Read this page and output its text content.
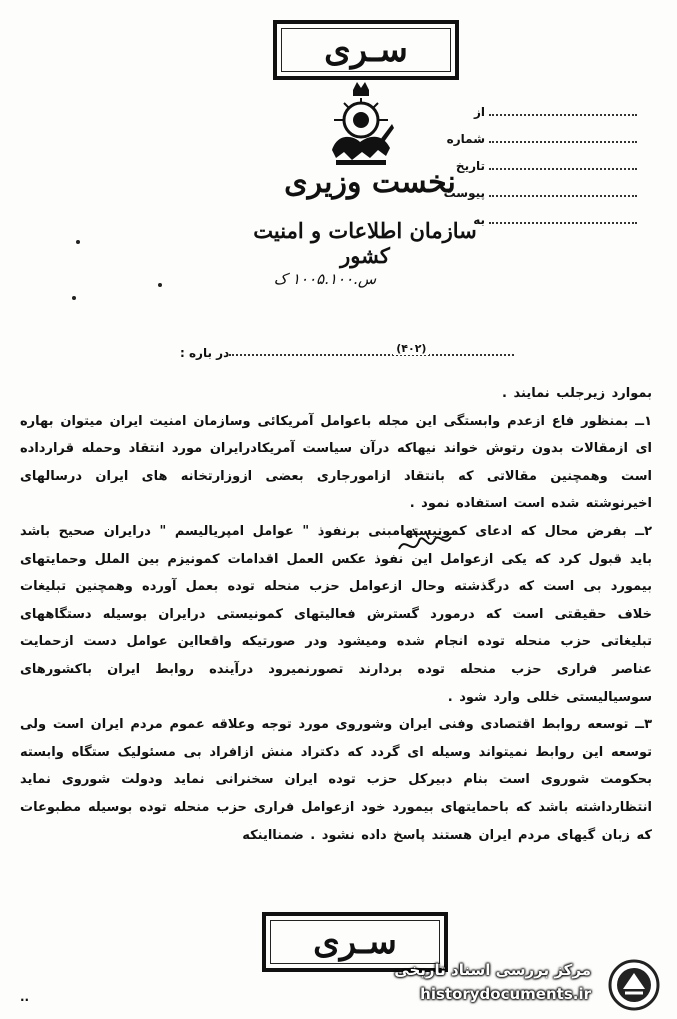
سـری
نخست وزیری
سازمان اطلاعات و امنیت کشور
س.۱۰۰۵.۱۰۰ ک
از
شماره
تاریخ
پیوست
به
در باره :	(۴۰۲)

بموارد زیرجلب نمایند .

۱ــ بمنظور فاع ازعدم وابستگی این مجله باعوامل آمریکائی وسازمان امنیت ایران میتوان بهاره ای ازمقالات بدون رتوش خواند نیهاکه درآن سیاست آمریکادرایران مورد انتقاد وحمله قرارداده است وهمچنین مقالاتی که بانتقاد ازامورجاری بعضی ازوزارتخانه های ایران درسالهای اخیرنوشته شده است استفاده نمود .

۲ــ بفرض محال که ادعای کمونیستهامبنی برنفوذ " عوامل امپریالیسم " درایران صحیح باشد باید قبول کرد که یکی ازعوامل این نفوذ عکس العمل اقدامات کمونیزم بین الملل وحمایتهای بیمورد بی است که درگذشته وحال ازعوامل حزب منحله توده بعمل آورده وهمچنین تبلیغات خلاف حقیقتی است که درمورد گسترش فعالیتهای کمونیستی درایران بوسیله دستگاههای تبلیغاتی حزب منحله توده انجام شده ومیشود ودر صورتیکه واقعااین عوامل دست ازحمایت عناصر فراری حزب منحله توده بردارند تصورنمیرود درآینده روابط ایران باکشورهای سوسیالیستی خللی وارد شود .

۳ــ توسعه روابط اقتصادی وفنی ایران وشوروی مورد توجه وعلاقه عموم مردم ایران است ولی توسعه این روابط نمیتواند وسیله ای گردد که دکتراد منش ازافراد بی مسئولیک ستگاه وابسته بحکومت شوروی است بنام دبیرکل حزب توده ایران سخنرانی نماید ودولت شوروی نماید انتظارداشته باشد که باحمایتهای بیمورد خود ازعوامل فراری حزب منحله توده بوسیله مطبوعات که زبان گیهای مردم ایران هستند پاسخ داده نشود . ضمنااینکه

سـری
..
مرکز بررسی اسناد تاریخی
historydocuments.ir
